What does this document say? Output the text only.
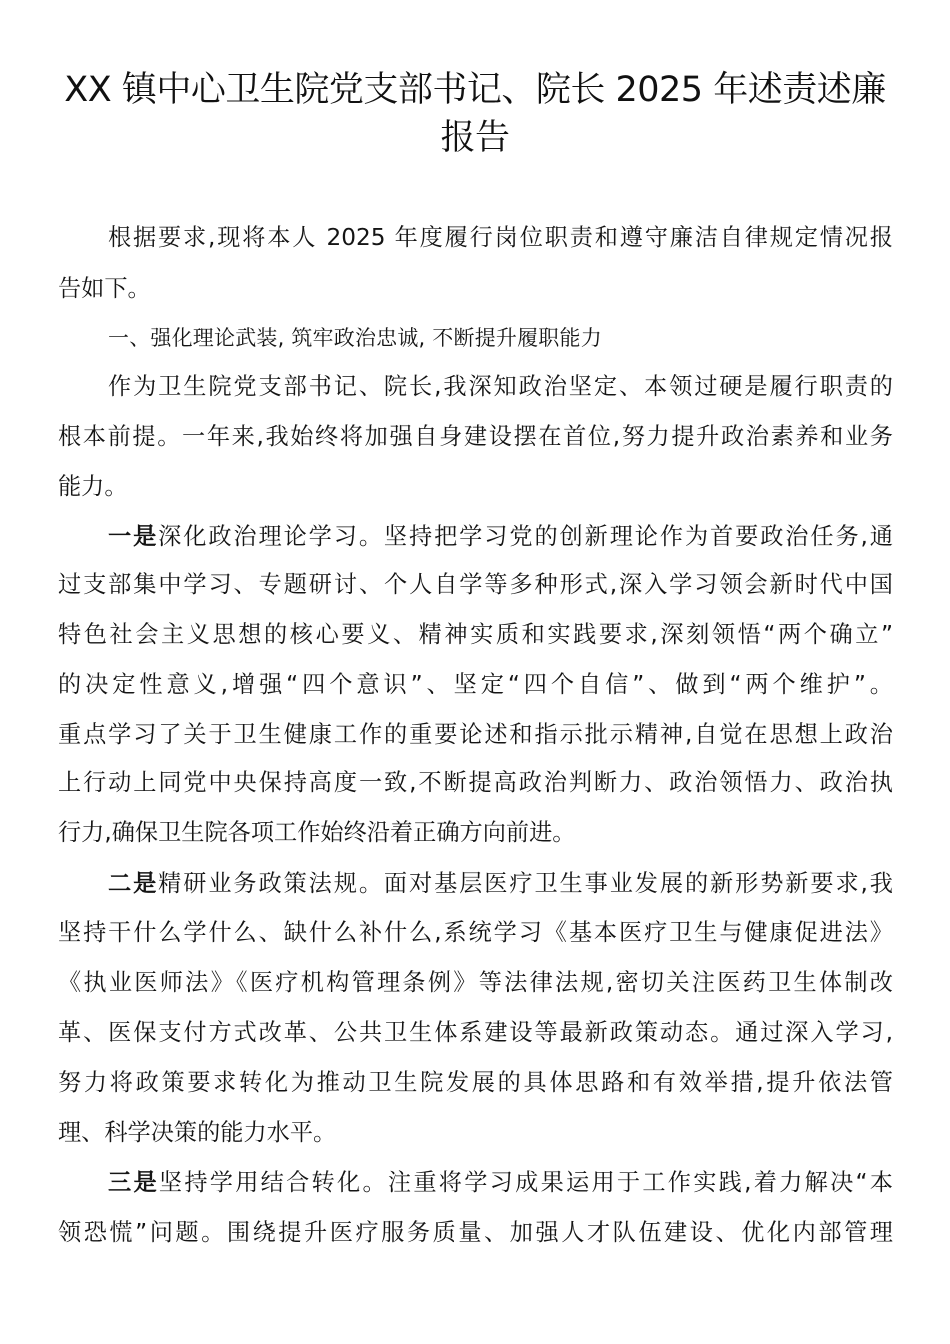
XX 镇中心卫生院党支部书记、院长 2025 年述责述廉
报告
根据要求,现将本人 2025 年度履行岗位职责和遵守廉洁自律规定情况报
告如下。
一、强化理论武装, 筑牢政治忠诚, 不断提升履职能力
作为卫生院党支部书记、院长,我深知政治坚定、本领过硬是履行职责的
根本前提。一年来,我始终将加强自身建设摆在首位,努力提升政治素养和业务
能力。
一是深化政治理论学习。坚持把学习党的创新理论作为首要政治任务,通
过支部集中学习、专题研讨、个人自学等多种形式,深入学习领会新时代中国
特色社会主义思想的核心要义、精神实质和实践要求,深刻领悟“两个确立”
的决定性意义,增强“四个意识”、坚定“四个自信”、做到“两个维护”。
重点学习了关于卫生健康工作的重要论述和指示批示精神,自觉在思想上政治
上行动上同党中央保持高度一致,不断提高政治判断力、政治领悟力、政治执
行力,确保卫生院各项工作始终沿着正确方向前进。
二是精研业务政策法规。面对基层医疗卫生事业发展的新形势新要求,我
坚持干什么学什么、缺什么补什么,系统学习《基本医疗卫生与健康促进法》
《执业医师法》《医疗机构管理条例》等法律法规,密切关注医药卫生体制改
革、医保支付方式改革、公共卫生体系建设等最新政策动态。通过深入学习,
努力将政策要求转化为推动卫生院发展的具体思路和有效举措,提升依法管
理、科学决策的能力水平。
三是坚持学用结合转化。注重将学习成果运用于工作实践,着力解决“本
领恐慌”问题。围绕提升医疗服务质量、加强人才队伍建设、优化内部管理
